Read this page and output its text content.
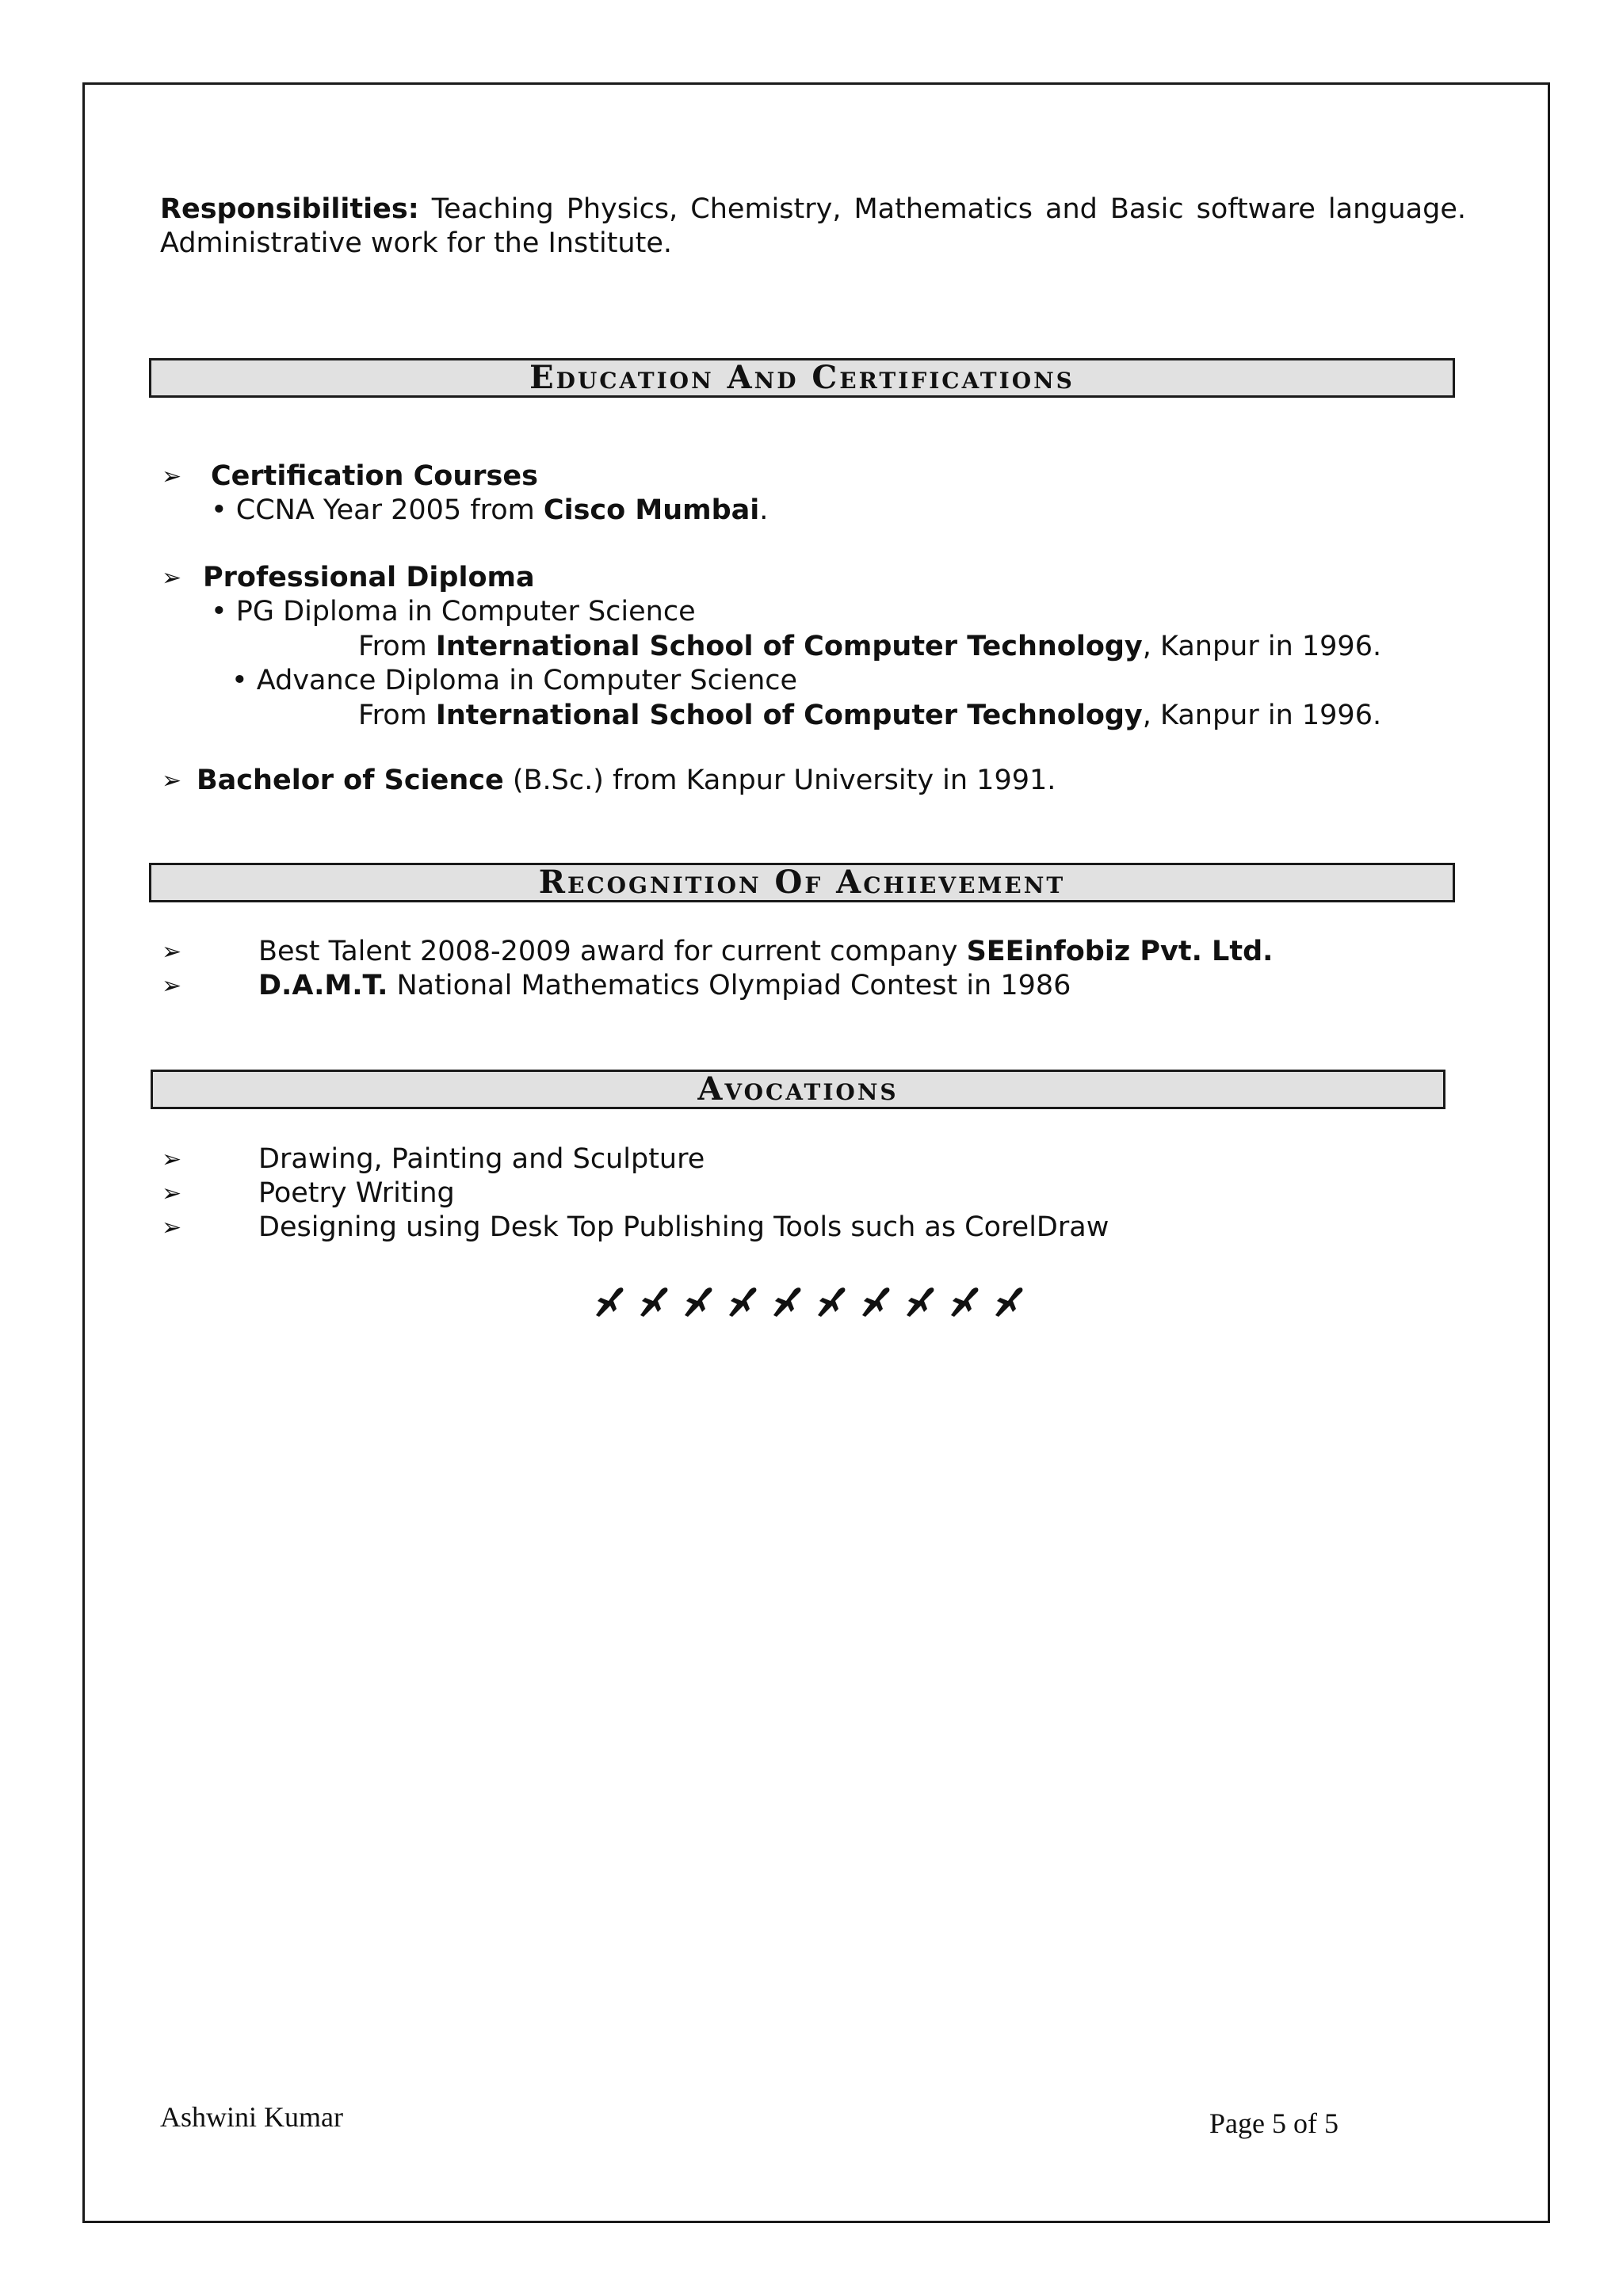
Responsibilities: Teaching Physics, Chemistry, Mathematics and Basic software language. Administrative work for the Institute.
Education And Certifications
➢ Certification Courses
• CCNA Year 2005 from Cisco Mumbai.
➢ Professional Diploma
• PG Diploma in Computer Science
From International School of Computer Technology, Kanpur in 1996.
• Advance Diploma in Computer Science
From International School of Computer Technology, Kanpur in 1996.
➢ Bachelor of Science (B.Sc.) from Kanpur University in 1991.
Recognition Of Achievement
➢	Best Talent 2008-2009 award for current company SEEinfobiz Pvt. Ltd.
➢	D.A.M.T. National Mathematics Olympiad Contest in 1986
Avocations
➢	Drawing, Painting and Sculpture
➢	Poetry Writing
➢	Designing using Desk Top Publishing Tools such as CorelDraw
Ashwini Kumar	Page 5 of 5
